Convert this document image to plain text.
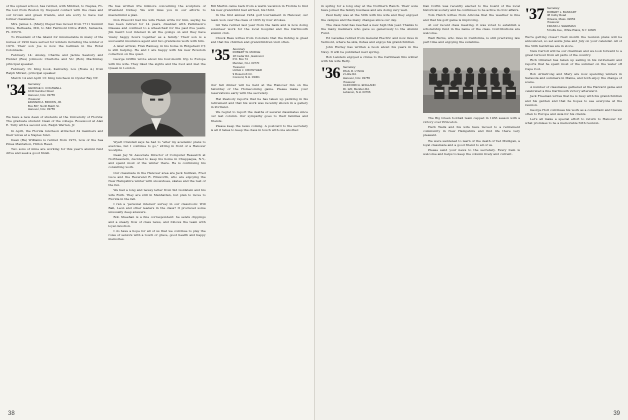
of the spread school, has retired, with Mildred, to Naples, FL. We lost from Boston by frequent contact with the class and our brown and green friends, and are sorry to have lost former classmates.

Mrs. James L. (Mary) Pieper has moved from 7711 Summit Drive, Bethesda, MD, to 640 Fairmont Drive #903, Sarasota, FL 33579.

To President of the Island for innumerable in many of the nurses of 1950 have served for winters including the winter of 1979. Their son Joe is now the bellman in the Hotel Colonnade.

February 14: Ansley, Charlie and Jackie Seabury and Hunter (Bus) Johnson: Charlotte and Vic (Bob) MacKinlay, principal speaker.

February 15: King book, Kentucky, Lou (Rosie 4.) from Ralph Miraut, principal speaker.

March 14 and April 13: King luncheon in Oyster Bay NY.

'34 Secretary
GEORGE C. COGSWELL
1040 Gardner Road
Hanover, N.H. 03755
Treasurer
EDWARD A. BROWN, JR.
Box 867, North Balch St.
Hanover, N.H. 03755

We have a new dean of students at the University of Florida: The graduate student: Dean of the college. Rosewood at Alan E. Tully with a second son, Ralph Warren, Jr.

In April, the Florida luncheon attracted 34 members and their wives at a Naples fund.

Dean (Ba) Williams is retired from 1975, now of the Sea Pines Plantation, Hilton Head.

Two sons of mine are working for this year's alumni fund drive and seek a good finish.

He has written Pre Gilmore concerning the sculpture of President Dickey. We will miss you in our efforts to mastermind a plan.

Don Prescott had his wife Helen write for him, saying he has been retired for 14 years, disabled with Parkinson's Disease and confined to a wheelchair for the past five years. Jim hasn't lost interest in all the goings on and they have 'many happy hours together as a family.' Their son is a successful insurance agent and two grandsons work with him.

A later arrival, Fran Ramsey, in his home in Ridgefield CT, is still helping. He and I are happy with his new Bowdoin collection on the quad.

George Griffin wrote about his four-month trip to Europe with his wife. They liked the sights and the food and met the Queen in London.

Wyatt Crandall says he had to "alter my academic plans to exercise, but I continue to go," sitting in front of a Hanover woodpile.

Dean Jay W. Associate Director of Computer Research at Northeastern, decided to keep his home in Chappaqua, N.Y., and spend most of the winter there. He is continuing his consulting work.

Our classmate in the Hanover area are Jack Sullivan, Fred Luce and the Reverend R. Ellsworth, who are enjoying the New Hampshire winter with snowshoes, skates and the rest of the fun.

We had a long and newsy letter from Sid Goldstein and his wife Ruth. They are still in Manhattan, but plan to move to Florida in the fall.

I ran a 'personal interest' survey in our classroom: Will Ball, Leon and other leaders in the class? It produced some unusually deep answers.

Bob Sheehan is a fine correspondent: he sends clippings and a steady flow of class news, and follows the team with loyal devotion.

I do have a hope for all of us that we continue to play the roles of seniors with a touch of grace, good health and happy memories.

Bill Martin came back from a warm vacation in Florida to find his new grandchild had arrived, his third.

In the first annual 1934 golf tournament in Hanover, our team won over the class of 1935 by four strokes.

Gil Tate retired last year from the bank and is now doing volunteer work for the local hospital and the Dartmouth alumni club.

Chuck Bass writes from Colorado that the fishing is great and that his children and grandchildren visit often.

'35 Secretary
ROBERT W. MUDGE
18 Cedar Rd., Eastmont
P.O. Box 74
Meriden, N.H. 03770
Treasurer
HUGH J. CROWTHER
9 Rosecroft Cir.
Concord, N.H. 03301

Our fall dinner will be held at the Hanover Inn on the Saturday of the Homecoming game. Please make your reservations early with the secretary.

Hal Peabody reports that he has taken up painting in his retirement and that his work was recently shown in a gallery in Portland.

We regret to report the deaths of several classmates since our last column. Our sympathy goes to their families and friends.

Please keep the news coming. A postcard to the secretary is all it takes to keep the class in touch with one another.

38

in spring for a long stay at the Northern Ranch. Their sons have joined the family business and are doing very well.

Paul Kelly was at the 50th with his wife and they enjoyed the campus and the many changes since our day.

The class fund has reached a new high this year. Thanks to the many members who gave so generously to the Alumni Fund.

Ed Lavallee retired from General Electric and now lives in Vermont, where he skis, fishes and enjoys his grandchildren.

John Hurley has written a book about his years in the Navy. It will be published next spring.

Bob Landers enjoyed a cruise to the Caribbean this winter with his wife Betty.

'36 Secretary
PAUL R. LYNCH
2 Little Rd.
Hanover, N.H. 03755
Treasurer
CLIFFORD A. ENGLAND
Rt. 120, Meriden Rd.
Lebanon, N.H. 03766

Dan Coffin was recently elected to the board of the local historical society and he continues to be active in civic affairs.

Tom Hatch writes from Arizona that the weather is fine and that his golf game is improving.

At our recent class meeting, it was voted to establish a scholarship fund in the name of the class. Contributions are welcome.

Walt Burns, who lives in California, is still practicing law part time and enjoying the sunshine.

The Big Green football team capped in 1936 season with a victory over Princeton.

Herb Wells and his wife have moved to a retirement community in New Hampshire and find life there very pleasant.

We were saddened to learn of the death of Ted Mulligan, a loyal classmate and a good friend to all of us.

Please send your news to the secretary. Every item is welcome and helps to keep the column lively and current.

'37 Secretary
ROBERT L. BANKART
38 Colby Road
Orleans, Mass. 02653
Treasurer
FRANK H. SHERMAN
5 Follis Ave., White Plains, N.Y. 10605

We're getting closer! Next month the reunion plans will be announced, so set aside June and July on your calendar. All of the 50th festivities are in store.

Nels Carroll will be our chairman and we look forward to a great turnout from all parts of the country.

Rich Olmsted has taken up sailing in his retirement and reports that he spent most of the summer on the water off Cape Cod.

Bob Armstrong and Mary are now spending winters in Sarasota and summers in Maine, and both enjoy the change of scene.

A number of classmates gathered at the Harvard game and celebrated a fine Dartmouth victory afterward.

Jack Freeman writes that he is busy with his grandchildren and his garden and that he hopes to see everyone at the reunion.

George Holt continues his work as a consultant and travels often to Europe and Asia for his clients.

Let's all make a special effort to return to Hanover for what promises to be a memorable 50th reunion.

39
